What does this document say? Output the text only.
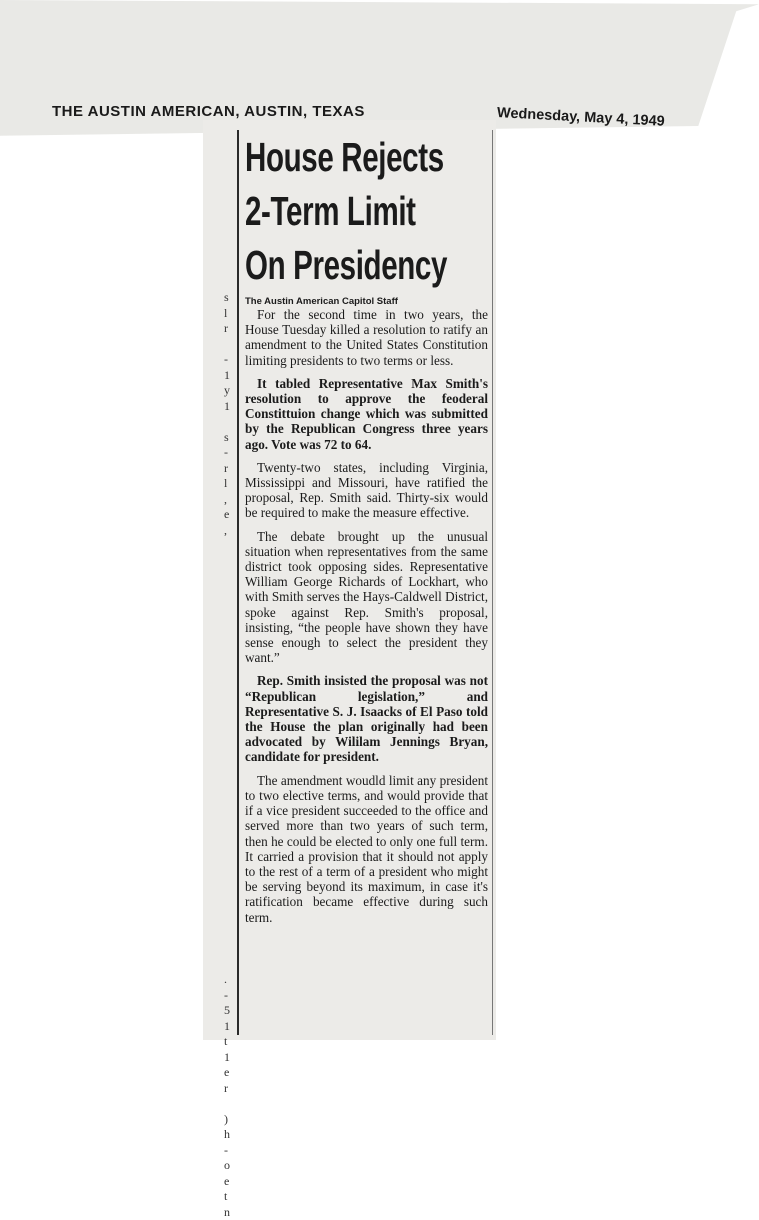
THE AUSTIN AMERICAN, AUSTIN, TEXAS	Wednesday, May 4, 1949
s
l
r

-
1
y
1

s
-
r
l
,
e
,

.
-
5
1
t
1
e
r

)
h
-
o
e
t
n
House Rejects
2-Term Limit
On Presidency
The Austin American Capitol Staff

For the second time in two years, the House Tuesday killed a resolution to ratify an amendment to the United States Constitution limiting presidents to two terms or less.

It tabled Representative Max Smith's resolution to approve the feoderal Constittuion change which was submitted by the Republican Congress three years ago. Vote was 72 to 64.

Twenty-two states, including Virginia, Mississippi and Missouri, have ratified the proposal, Rep. Smith said. Thirty-six would be required to make the measure effective.

The debate brought up the unusual situation when representatives from the same district took opposing sides. Representative William George Richards of Lockhart, who with Smith serves the Hays-Caldwell District, spoke against Rep. Smith's proposal, insisting, “the people have shown they have sense enough to select the president they want.”

Rep. Smith insisted the proposal was not “Republican legislation,” and Representative S. J. Isaacks of El Paso told the House the plan originally had been advocated by Wililam Jennings Bryan, candidate for president.

The amendment woudld limit any president to two elective terms, and would provide that if a vice president succeeded to the office and served more than two years of such term, then he could be elected to only one full term. It carried a provision that it should not apply to the rest of a term of a president who might be serving beyond its maximum, in case it's ratification became effective during such term.
